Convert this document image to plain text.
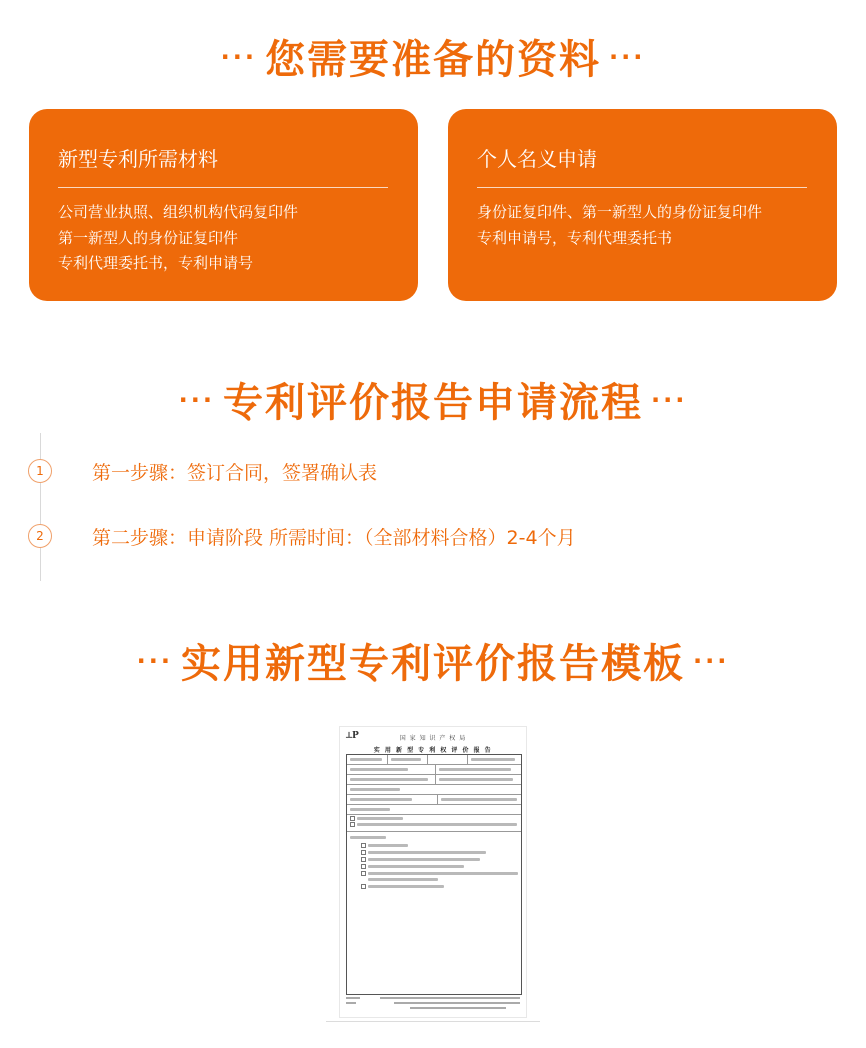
··· 您需要准备的资料 ···
新型专利所需材料
公司营业执照、组织机构代码复印件
第一新型人的身份证复印件
专利代理委托书，专利申请号
个人名义申请
身份证复印件、第一新型人的身份证复印件
专利申请号，专利代理委托书
··· 专利评价报告申请流程 ···
1	第一步骤：签订合同，签署确认表
2	第二步骤：申请阶段 所需时间：（全部材料合格）2-4个月
··· 实用新型专利评价报告模板 ···
⟂P	国 家 知 识 产 权 局
实 用 新 型 专 利 权 评 价 报 告
